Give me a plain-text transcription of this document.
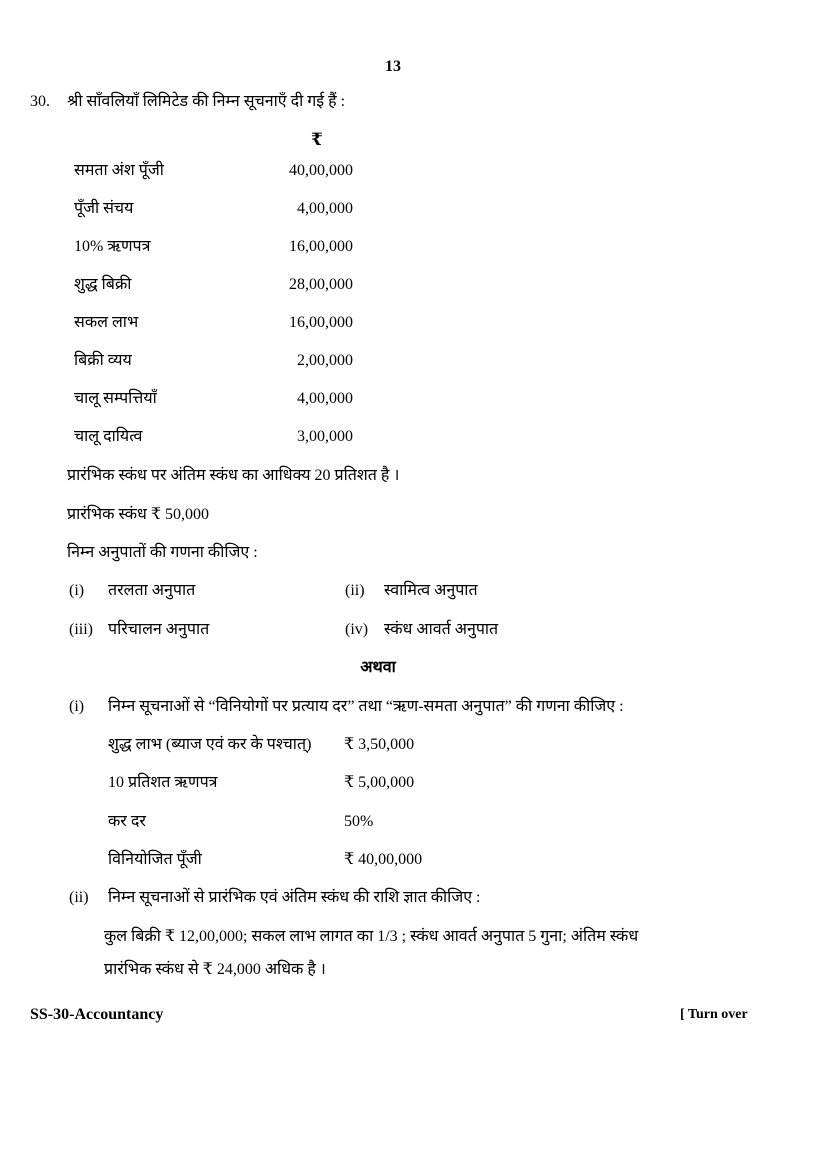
13
30. श्री साँवलियाँ लिमिटेड की निम्न सूचनाएँ दी गई हैं :
₹
समता अंश पूँजी	40,00,000
पूँजी संचय	4,00,000
10% ऋणपत्र	16,00,000
शुद्ध बिक्री	28,00,000
सकल लाभ	16,00,000
बिक्री व्यय	2,00,000
चालू सम्पत्तियाँ	4,00,000
चालू दायित्व	3,00,000
प्रारंभिक स्कंध पर अंतिम स्कंध का आधिक्य 20 प्रतिशत है ।
प्रारंभिक स्कंध ₹ 50,000
निम्न अनुपातों की गणना कीजिए :
(i) तरलता अनुपात	(ii) स्वामित्व अनुपात
(iii) परिचालन अनुपात	(iv) स्कंध आवर्त अनुपात
अथवा
(i) निम्न सूचनाओं से “विनियोगों पर प्रत्याय दर” तथा “ऋण-समता अनुपात” की गणना कीजिए :
शुद्ध लाभ (ब्याज एवं कर के पश्चात्) ₹ 3,50,000
10 प्रतिशत ऋणपत्र	₹ 5,00,000
कर दर	50%
विनियोजित पूँजी	₹ 40,00,000
(ii) निम्न सूचनाओं से प्रारंभिक एवं अंतिम स्कंध की राशि ज्ञात कीजिए :
कुल बिक्री ₹ 12,00,000; सकल लाभ लागत का 1/3 ; स्कंध आवर्त अनुपात 5 गुना; अंतिम स्कंध
प्रारंभिक स्कंध से ₹ 24,000 अधिक है ।
SS-30-Accountancy	[ Turn over
